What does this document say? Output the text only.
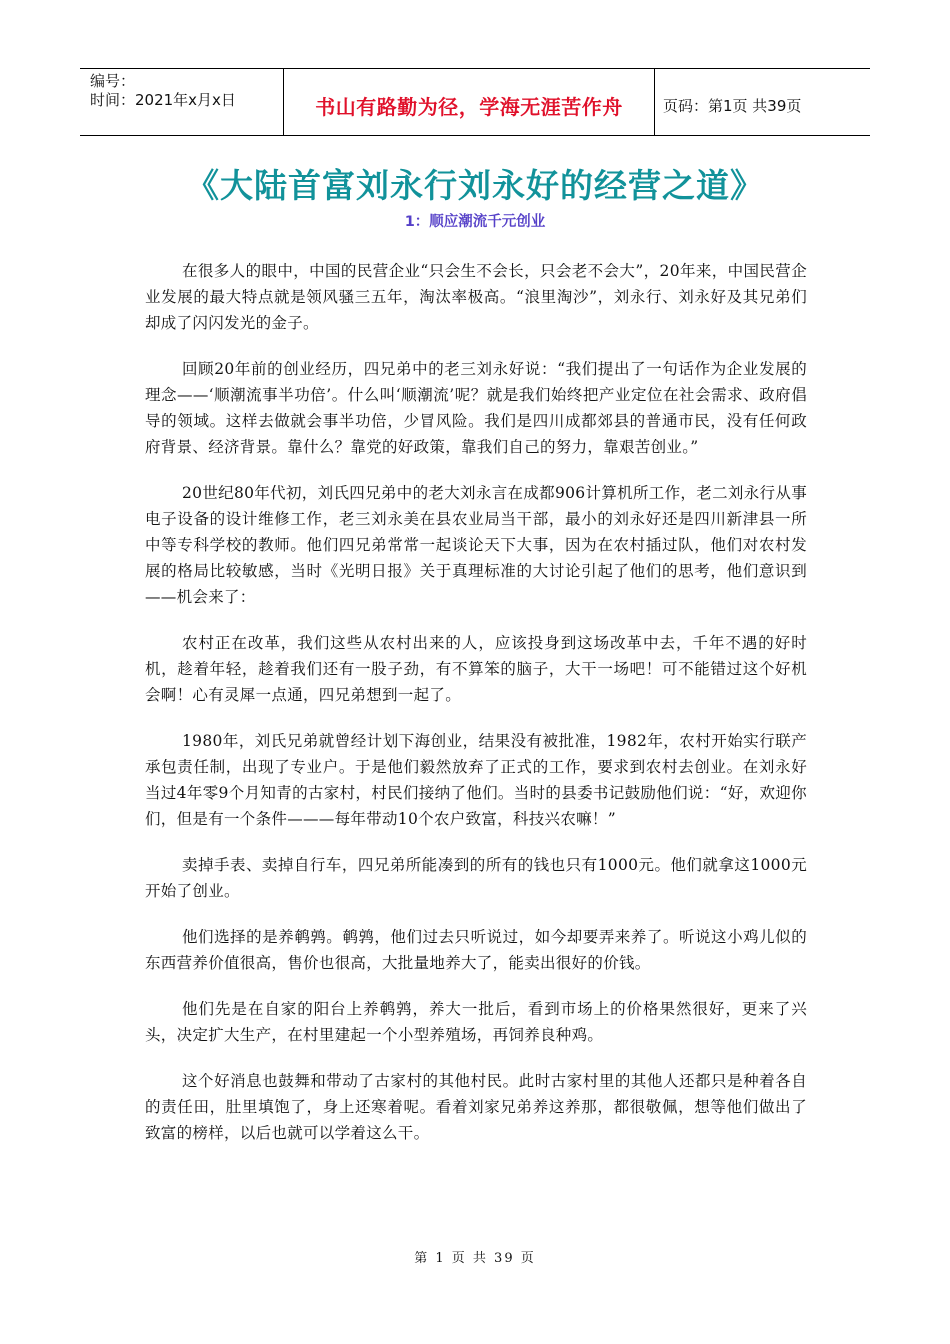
编号：
时间：2021年x月x日	书山有路勤为径，学海无涯苦作舟	页码：第1页 共39页
《大陆首富刘永行刘永好的经营之道》
1：顺应潮流千元创业

在很多人的眼中，中国的民营企业“只会生不会长，只会老不会大”，20年来，中国民营企业发展的最大特点就是领风骚三五年，淘汰率极高。“浪里淘沙”，刘永行、刘永好及其兄弟们却成了闪闪发光的金子。

回顾20年前的创业经历，四兄弟中的老三刘永好说：“我们提出了一句话作为企业发展的理念——‘顺潮流事半功倍’。什么叫‘顺潮流’呢？就是我们始终把产业定位在社会需求、政府倡导的领域。这样去做就会事半功倍，少冒风险。我们是四川成都郊县的普通市民，没有任何政府背景、经济背景。靠什么？靠党的好政策，靠我们自己的努力，靠艰苦创业。”

20世纪80年代初，刘氏四兄弟中的老大刘永言在成都906计算机所工作，老二刘永行从事电子设备的设计维修工作，老三刘永美在县农业局当干部，最小的刘永好还是四川新津县一所中等专科学校的教师。他们四兄弟常常一起谈论天下大事，因为在农村插过队，他们对农村发展的格局比较敏感，当时《光明日报》关于真理标准的大讨论引起了他们的思考，他们意识到——机会来了：

农村正在改革，我们这些从农村出来的人，应该投身到这场改革中去，千年不遇的好时机，趁着年轻，趁着我们还有一股子劲，有不算笨的脑子，大干一场吧！可不能错过这个好机会啊！心有灵犀一点通，四兄弟想到一起了。

1980年，刘氏兄弟就曾经计划下海创业，结果没有被批准，1982年，农村开始实行联产承包责任制，出现了专业户。于是他们毅然放弃了正式的工作，要求到农村去创业。在刘永好当过4年零9个月知青的古家村，村民们接纳了他们。当时的县委书记鼓励他们说：“好，欢迎你们，但是有一个条件———每年带动10个农户致富，科技兴农嘛！”

卖掉手表、卖掉自行车，四兄弟所能凑到的所有的钱也只有1000元。他们就拿这1000元开始了创业。

他们选择的是养鹌鹑。鹌鹑，他们过去只听说过，如今却要弄来养了。听说这小鸡儿似的东西营养价值很高，售价也很高，大批量地养大了，能卖出很好的价钱。

他们先是在自家的阳台上养鹌鹑，养大一批后，看到市场上的价格果然很好，更来了兴头，决定扩大生产，在村里建起一个小型养殖场，再饲养良种鸡。

这个好消息也鼓舞和带动了古家村的其他村民。此时古家村里的其他人还都只是种着各自的责任田，肚里填饱了，身上还寒着呢。看着刘家兄弟养这养那，都很敬佩，想等他们做出了致富的榜样，以后也就可以学着这么干。

第 1 页 共 39 页
